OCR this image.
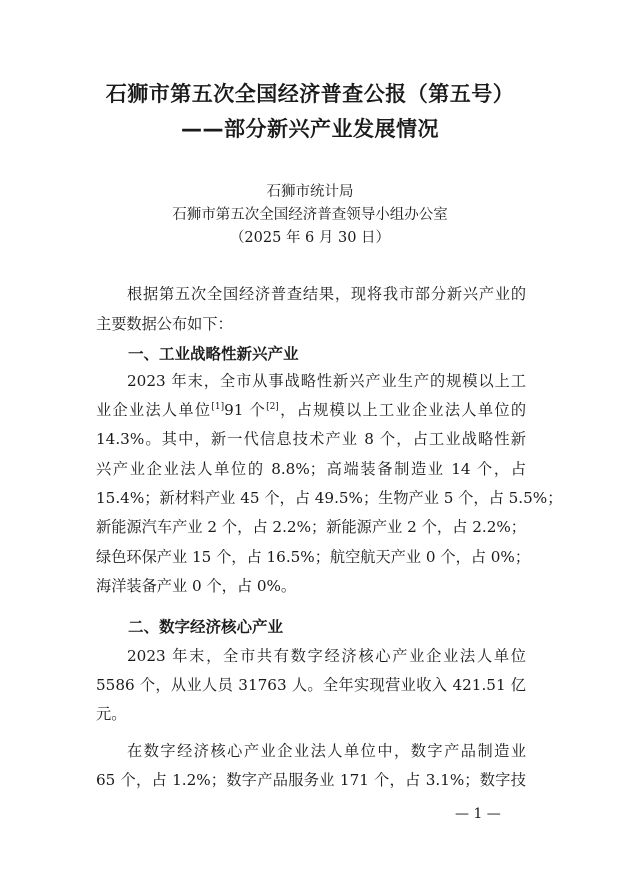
石狮市第五次全国经济普查公报（第五号）
——部分新兴产业发展情况
石狮市统计局
石狮市第五次全国经济普查领导小组办公室
（2025 年 6 月 30 日）
根据第五次全国经济普查结果，现将我市部分新兴产业的
主要数据公布如下：
一、工业战略性新兴产业
2023 年末，全市从事战略性新兴产业生产的规模以上工
业企业法人单位[1]91 个[2]，占规模以上工业企业法人单位的
14.3%。其中，新一代信息技术产业 8 个，占工业战略性新
兴产业企业法人单位的 8.8%；高端装备制造业 14 个，占
15.4%；新材料产业 45 个，占 49.5%；生物产业 5 个，占 5.5%；
新能源汽车产业 2 个，占 2.2%；新能源产业 2 个，占 2.2%；
绿色环保产业 15 个，占 16.5%；航空航天产业 0 个，占 0%；
海洋装备产业 0 个，占 0%。
二、数字经济核心产业
2023 年末，全市共有数字经济核心产业企业法人单位
5586 个，从业人员 31763 人。全年实现营业收入 421.51 亿
元。
在数字经济核心产业企业法人单位中，数字产品制造业
65 个，占 1.2%；数字产品服务业 171 个，占 3.1%；数字技
— 1 —
